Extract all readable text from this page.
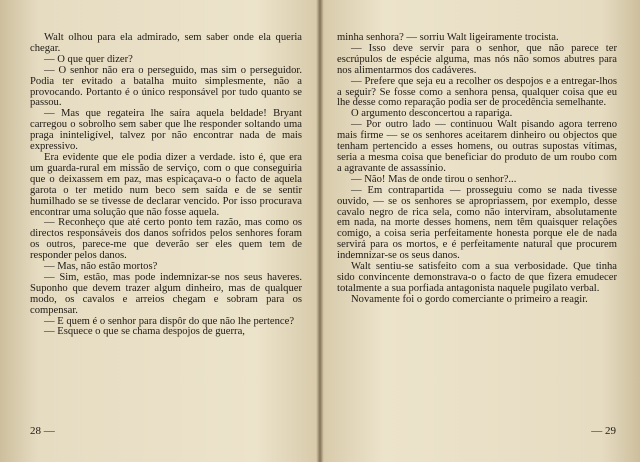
Walt olhou para ela admirado, sem saber onde ela queria chegar.

— O que quer dizer?

— O senhor não era o perseguido, mas sim o perseguidor. Podia ter evitado a batalha muito simplesmente, não a provocando. Portanto é o único responsável por tudo quanto se passou.

— Mas que regateira lhe saíra aquela beldade! Bryant carregou o sobrolho sem saber que lhe responder soltando uma praga ininteligível, talvez por não encontrar nada de mais expressivo.

Era evidente que ele podia dizer a verdade. isto é, que era um guarda-rural em missão de serviço, com o que conseguiria que o deixassem em paz, mas espicaçava-o o facto de aquela garota o ter metido num beco sem saída e de se sentir humilhado se se tivesse de declarar vencido. Por isso procurava encontrar uma solução que não fosse aquela.

— Reconheço que até certo ponto tem razão, mas como os directos responsáveis dos danos sofridos pelos senhores foram os outros, parece-me que deverão ser eles quem tem de responder pelos danos.

— Mas, não estão mortos?

— Sim, estão, mas pode indemnizar-se nos seus haveres. Suponho que devem trazer algum dinheiro, mas de qualquer modo, os cavalos e arreios chegam e sobram para os compensar.

— E quem é o senhor para dispôr do que não lhe pertence?

— Esquece o que se chama despojos de guerra,

28 —

minha senhora? — sorriu Walt ligeiramente trocista.

— Isso deve servir para o senhor, que não parece ter escrúpulos de espécie alguma, mas nós não somos abutres para nos alimentarmos dos cadáveres.

— Prefere que seja eu a recolher os despojos e a entregar-lhos a seguir? Se fosse como a senhora pensa, qualquer coisa que eu lhe desse como reparação podia ser de procedência semelhante.

O argumento desconcertou a rapariga.

— Por outro lado — continuou Walt pisando agora terreno mais firme — se os senhores aceitarem dinheiro ou objectos que tenham pertencido a esses homens, ou outras supostas vítimas, seria a mesma coisa que beneficiar do produto de um roubo com a agravante de assassínio.

— Não! Mas de onde tirou o senhor?...

— Em contrapartida — prosseguiu como se nada tivesse ouvido, — se os senhores se apropriassem, por exemplo, desse cavalo negro de rica sela, como não interviram, absolutamente em nada, na morte desses homens, nem têm quaisquer relações comigo, a coisa seria perfeitamente honesta porque ele de nada servirá para os mortos, e é perfeitamente natural que procurem indemnizar-se os seus danos.

Walt sentiu-se satisfeito com a sua verbosidade. Que tinha sido convincente demonstrava-o o facto de que fizera emudecer totalmente a sua porfiada antagonista naquele pugilato verbal.

Novamente foi o gordo comerciante o primeiro a reagir.

— 29
